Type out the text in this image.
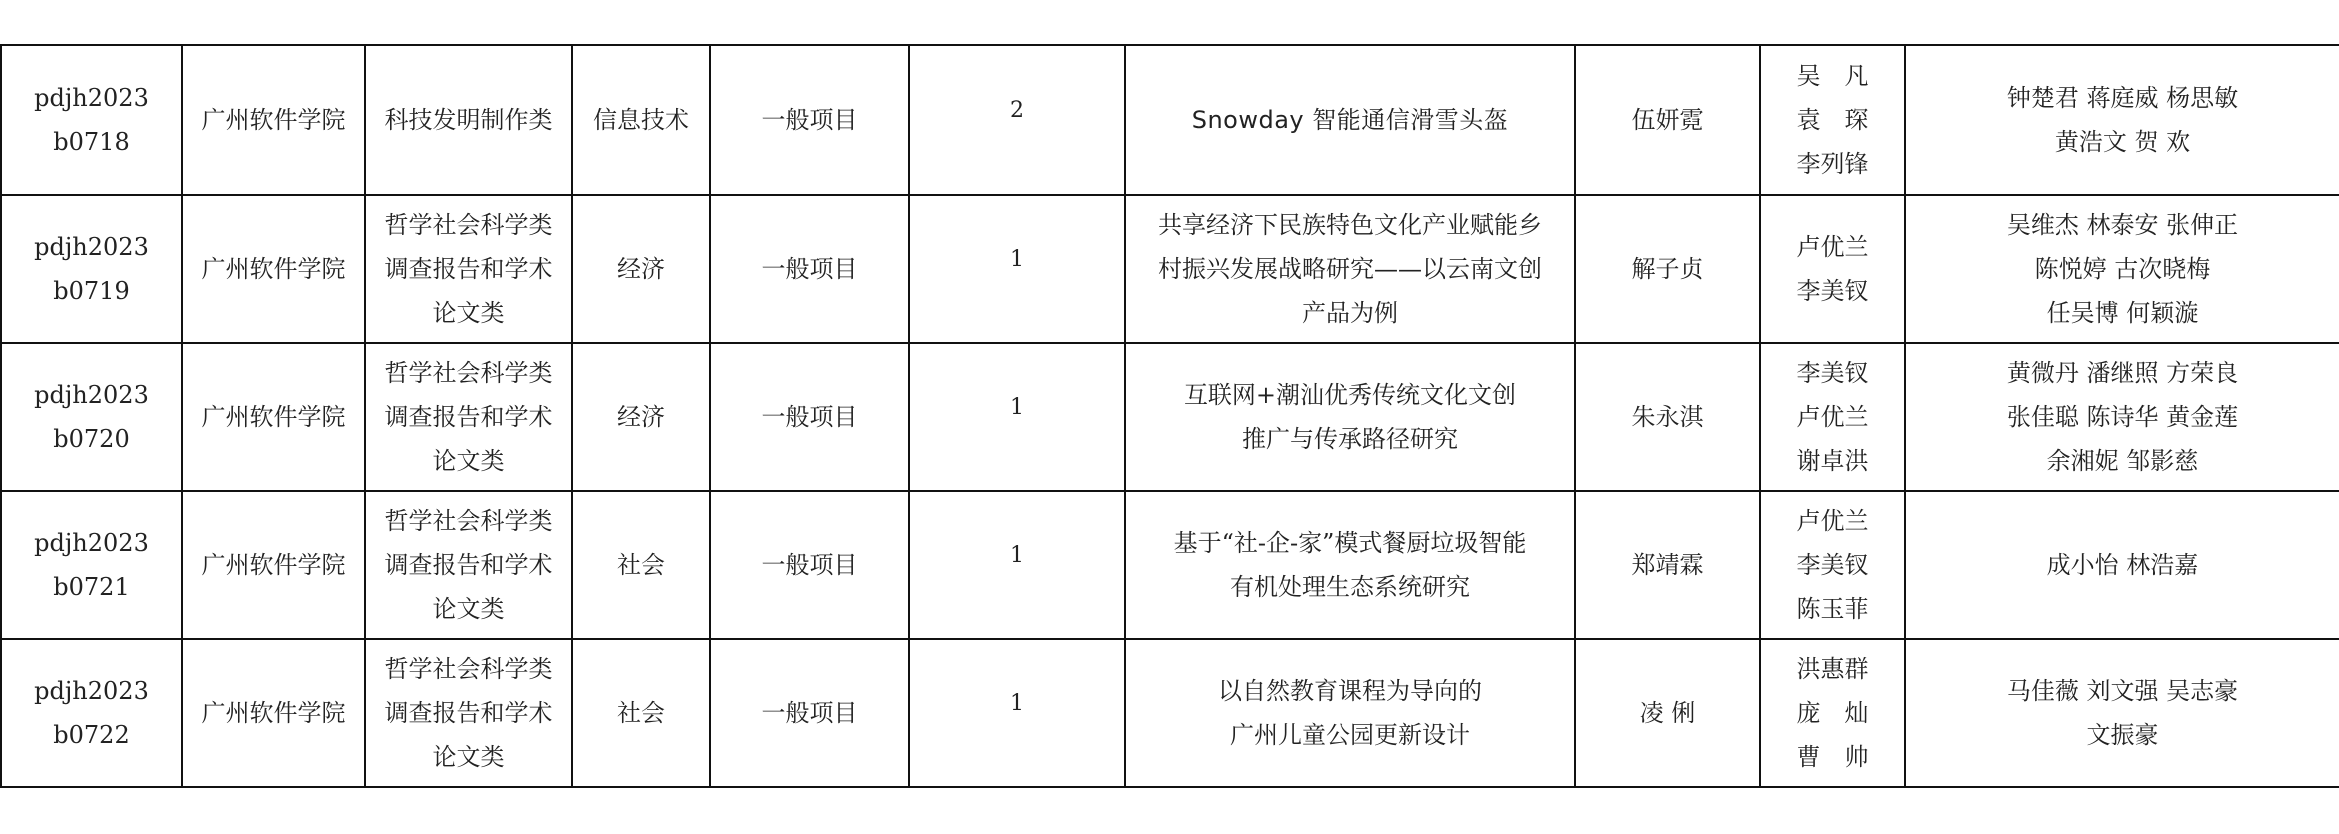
pdjh2023
b0718	广州软件学院	科技发明制作类	信息技术	一般项目	2	Snowday 智能通信滑雪头盔	伍妍霓	吴　凡
袁　琛
李列锋	钟楚君 蒋庭威 杨思敏
黄浩文 贺 欢

pdjh2023
b0719	广州软件学院	哲学社会科学类
调查报告和学术
论文类	经济	一般项目	1	共享经济下民族特色文化产业赋能乡
村振兴发展战略研究——以云南文创
产品为例	解子贞	卢优兰
李美钗	吴维杰 林泰安 张伸正
陈悦婷 古次晓梅
任吴博 何颖漩

pdjh2023
b0720	广州软件学院	哲学社会科学类
调查报告和学术
论文类	经济	一般项目	1	互联网+潮汕优秀传统文化文创
推广与传承路径研究	朱永淇	李美钗
卢优兰
谢卓洪	黄微丹 潘继照 方荣良
张佳聪 陈诗华 黄金莲
余湘妮 邹影慈

pdjh2023
b0721	广州软件学院	哲学社会科学类
调查报告和学术
论文类	社会	一般项目	1	基于“社-企-家”模式餐厨垃圾智能
有机处理生态系统研究	郑靖霖	卢优兰
李美钗
陈玉菲	成小怡 林浩嘉

pdjh2023
b0722	广州软件学院	哲学社会科学类
调查报告和学术
论文类	社会	一般项目	1	以自然教育课程为导向的
广州儿童公园更新设计	凌 俐	洪惠群
庞　灿
曹　帅	马佳薇 刘文强 吴志豪
文振豪
